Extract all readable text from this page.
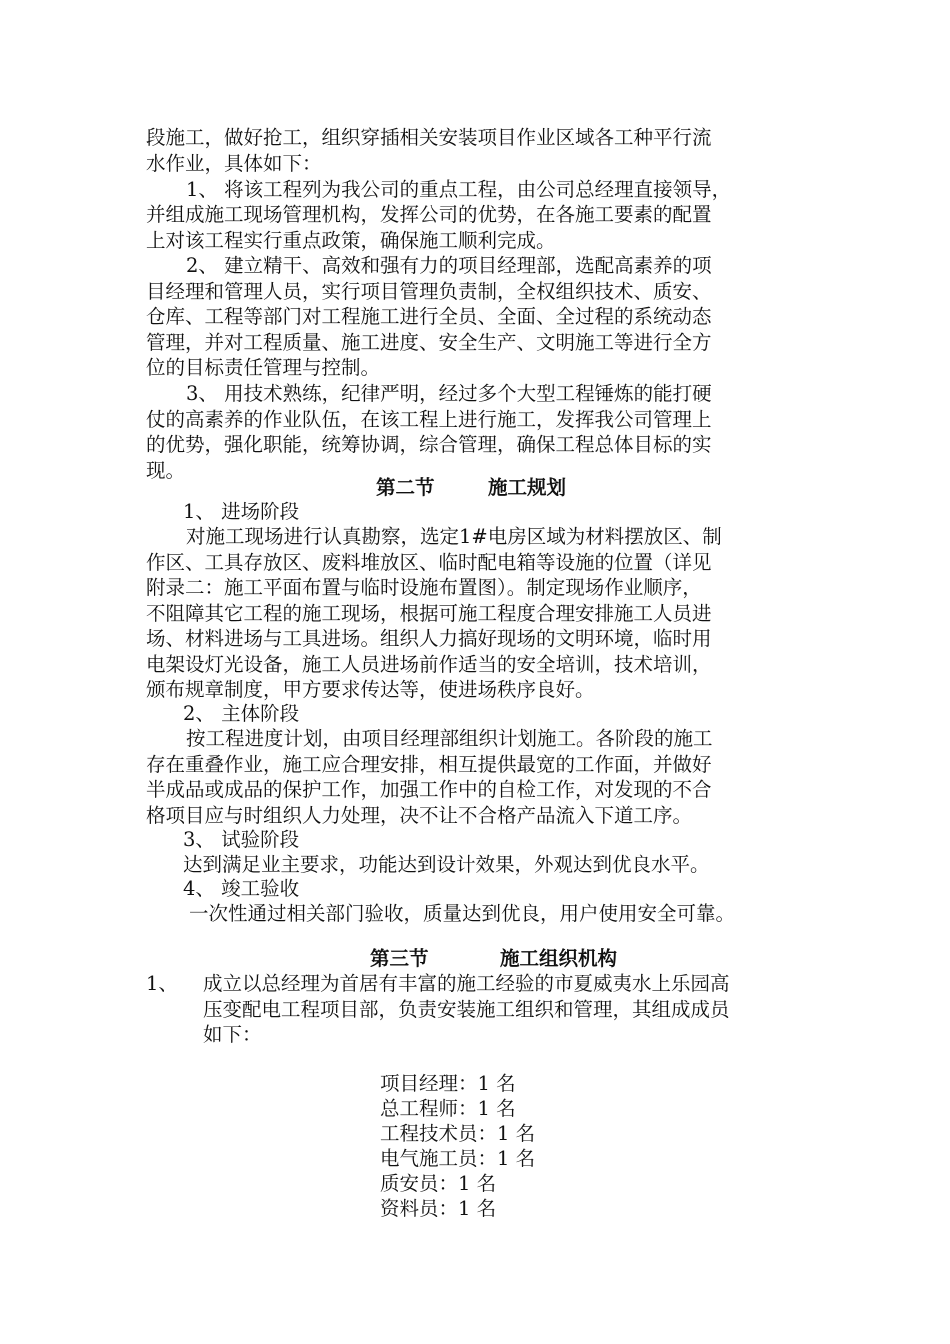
段施工，做好抢工，组织穿插相关安装项目作业区域各工种平行流
水作业，具体如下：
1、 将该工程列为我公司的重点工程，由公司总经理直接领导，
并组成施工现场管理机构，发挥公司的优势，在各施工要素的配置
上对该工程实行重点政策，确保施工顺利完成。
2、 建立精干、高效和强有力的项目经理部，选配高素养的项
目经理和管理人员，实行项目管理负责制，全权组织技术、质安、
仓库、工程等部门对工程施工进行全员、全面、全过程的系统动态
管理，并对工程质量、施工进度、安全生产、文明施工等进行全方
位的目标责任管理与控制。
3、 用技术熟练，纪律严明，经过多个大型工程锤炼的能打硬
仗的高素养的作业队伍，在该工程上进行施工，发挥我公司管理上
的优势，强化职能，统筹协调，综合管理，确保工程总体目标的实
现。
第二节	施工规划
1、 进场阶段
对施工现场进行认真勘察，选定1#电房区域为材料摆放区、制
作区、工具存放区、废料堆放区、临时配电箱等设施的位置（详见
附录二：施工平面布置与临时设施布置图）。制定现场作业顺序，
不阻障其它工程的施工现场，根据可施工程度合理安排施工人员进
场、材料进场与工具进场。组织人力搞好现场的文明环境，临时用
电架设灯光设备，施工人员进场前作适当的安全培训，技术培训，
颁布规章制度，甲方要求传达等，使进场秩序良好。
2、 主体阶段
按工程进度计划，由项目经理部组织计划施工。各阶段的施工
存在重叠作业，施工应合理安排，相互提供最宽的工作面，并做好
半成品或成品的保护工作，加强工作中的自检工作，对发现的不合
格项目应与时组织人力处理，决不让不合格产品流入下道工序。
3、 试验阶段
达到满足业主要求，功能达到设计效果，外观达到优良水平。
4、 竣工验收
一次性通过相关部门验收，质量达到优良，用户使用安全可靠。
第三节	施工组织机构
1、 成立以总经理为首居有丰富的施工经验的市夏威夷水上乐园高
压变配电工程项目部，负责安装施工组织和管理，其组成成员
如下：
项目经理：1 名
总工程师：1 名
工程技术员：1 名
电气施工员：1 名
质安员：1 名
资料员：1 名
